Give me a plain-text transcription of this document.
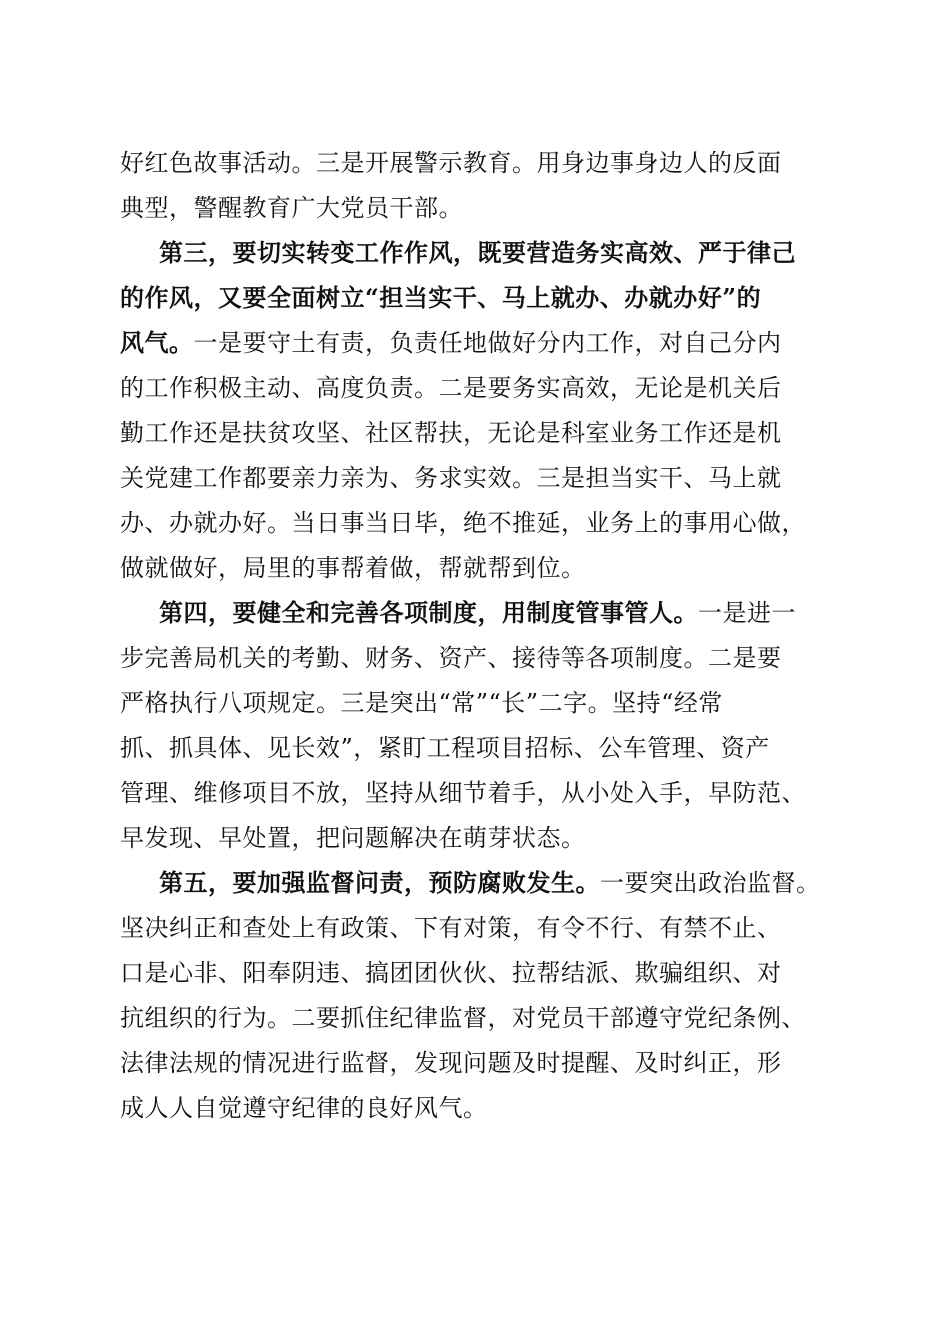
好红色故事活动。三是开展警示教育。用身边事身边人的反面
典型，警醒教育广大党员干部。
第三，要切实转变工作作风，既要营造务实高效、严于律己
的作风，又要全面树立“担当实干、马上就办、办就办好”的
风气。一是要守土有责，负责任地做好分内工作，对自己分内
的工作积极主动、高度负责。二是要务实高效，无论是机关后
勤工作还是扶贫攻坚、社区帮扶，无论是科室业务工作还是机
关党建工作都要亲力亲为、务求实效。三是担当实干、马上就
办、办就办好。当日事当日毕，绝不推延，业务上的事用心做，
做就做好，局里的事帮着做，帮就帮到位。
第四，要健全和完善各项制度，用制度管事管人。一是进一
步完善局机关的考勤、财务、资产、接待等各项制度。二是要
严格执行八项规定。三是突出“常”“长”二字。坚持“经常
抓、抓具体、见长效”，紧盯工程项目招标、公车管理、资产
管理、维修项目不放，坚持从细节着手，从小处入手，早防范、
早发现、早处置，把问题解决在萌芽状态。
第五，要加强监督问责，预防腐败发生。一要突出政治监督。
坚决纠正和查处上有政策、下有对策，有令不行、有禁不止、
口是心非、阳奉阴违、搞团团伙伙、拉帮结派、欺骗组织、对
抗组织的行为。二要抓住纪律监督，对党员干部遵守党纪条例、
法律法规的情况进行监督，发现问题及时提醒、及时纠正，形
成人人自觉遵守纪律的良好风气。
